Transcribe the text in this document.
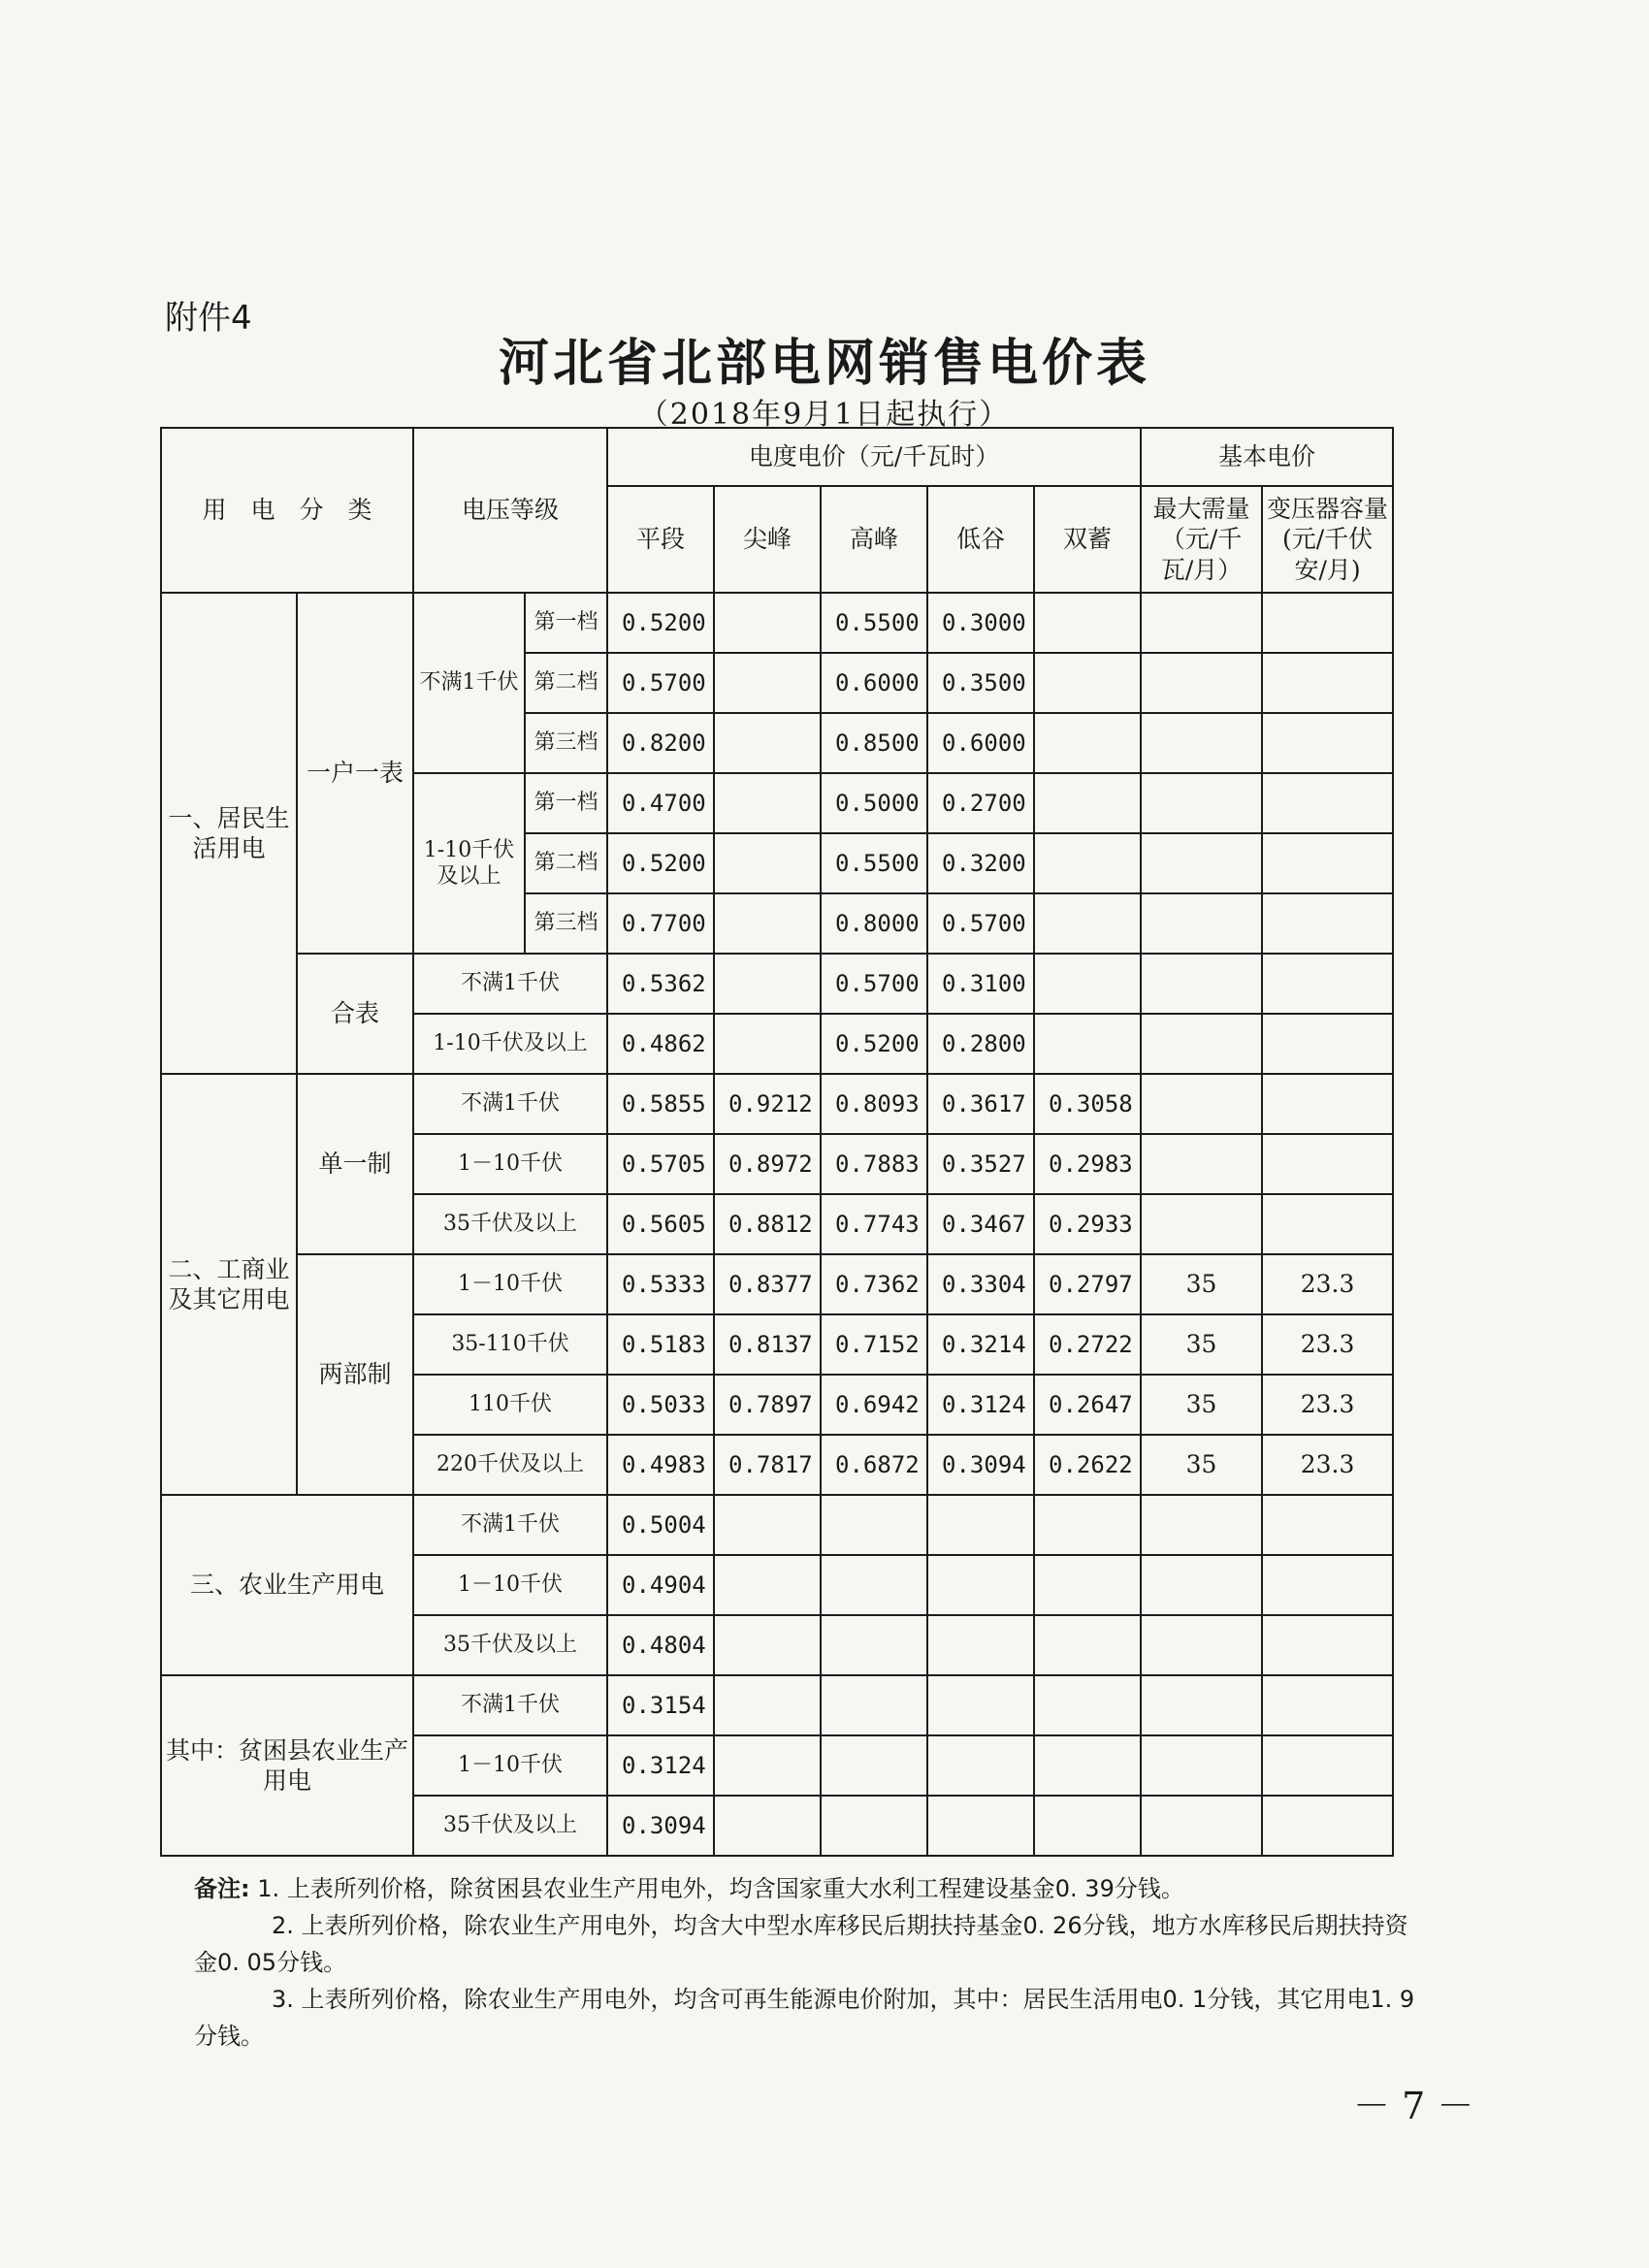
附件4
河北省北部电网销售电价表
（2018年9月1日起执行）
用　电　分　类		电压等级		电度电价（元/千瓦时）					基本电价	
				平段	尖峰	高峰	低谷	双蓄	最大需量（元/千瓦/月）	变压器容量(元/千伏安/月)
一、居民生活用电	一户一表	不满1千伏	第一档	0.5200		0.5500	0.3000			
			第二档	0.5700		0.6000	0.3500			
			第三档	0.8200		0.8500	0.6000			
		1-10千伏及以上	第一档	0.4700		0.5000	0.2700			
			第二档	0.5200		0.5500	0.3200			
			第三档	0.7700		0.8000	0.5700			
	合表	不满1千伏		0.5362		0.5700	0.3100			
		1-10千伏及以上		0.4862		0.5200	0.2800			
二、工商业及其它用电	单一制	不满1千伏		0.5855	0.9212	0.8093	0.3617	0.3058		
		1－10千伏		0.5705	0.8972	0.7883	0.3527	0.2983		
		35千伏及以上		0.5605	0.8812	0.7743	0.3467	0.2933		
	两部制	1－10千伏		0.5333	0.8377	0.7362	0.3304	0.2797	35	23.3
		35-110千伏		0.5183	0.8137	0.7152	0.3214	0.2722	35	23.3
		110千伏		0.5033	0.7897	0.6942	0.3124	0.2647	35	23.3
		220千伏及以上		0.4983	0.7817	0.6872	0.3094	0.2622	35	23.3
三、农业生产用电		不满1千伏		0.5004						
		1－10千伏		0.4904						
		35千伏及以上		0.4804						
其中：贫困县农业生产用电		不满1千伏		0.3154						
		1－10千伏		0.3124						
		35千伏及以上		0.3094						

备注: 1. 上表所列价格，除贫困县农业生产用电外，均含国家重大水利工程建设基金0. 39分钱。

2. 上表所列价格，除农业生产用电外，均含大中型水库移民后期扶持基金0. 26分钱，地方水库移民后期扶持资金0. 05分钱。

3. 上表所列价格，除农业生产用电外，均含可再生能源电价附加，其中：居民生活用电0. 1分钱，其它用电1. 9分钱。

－ 7 －
